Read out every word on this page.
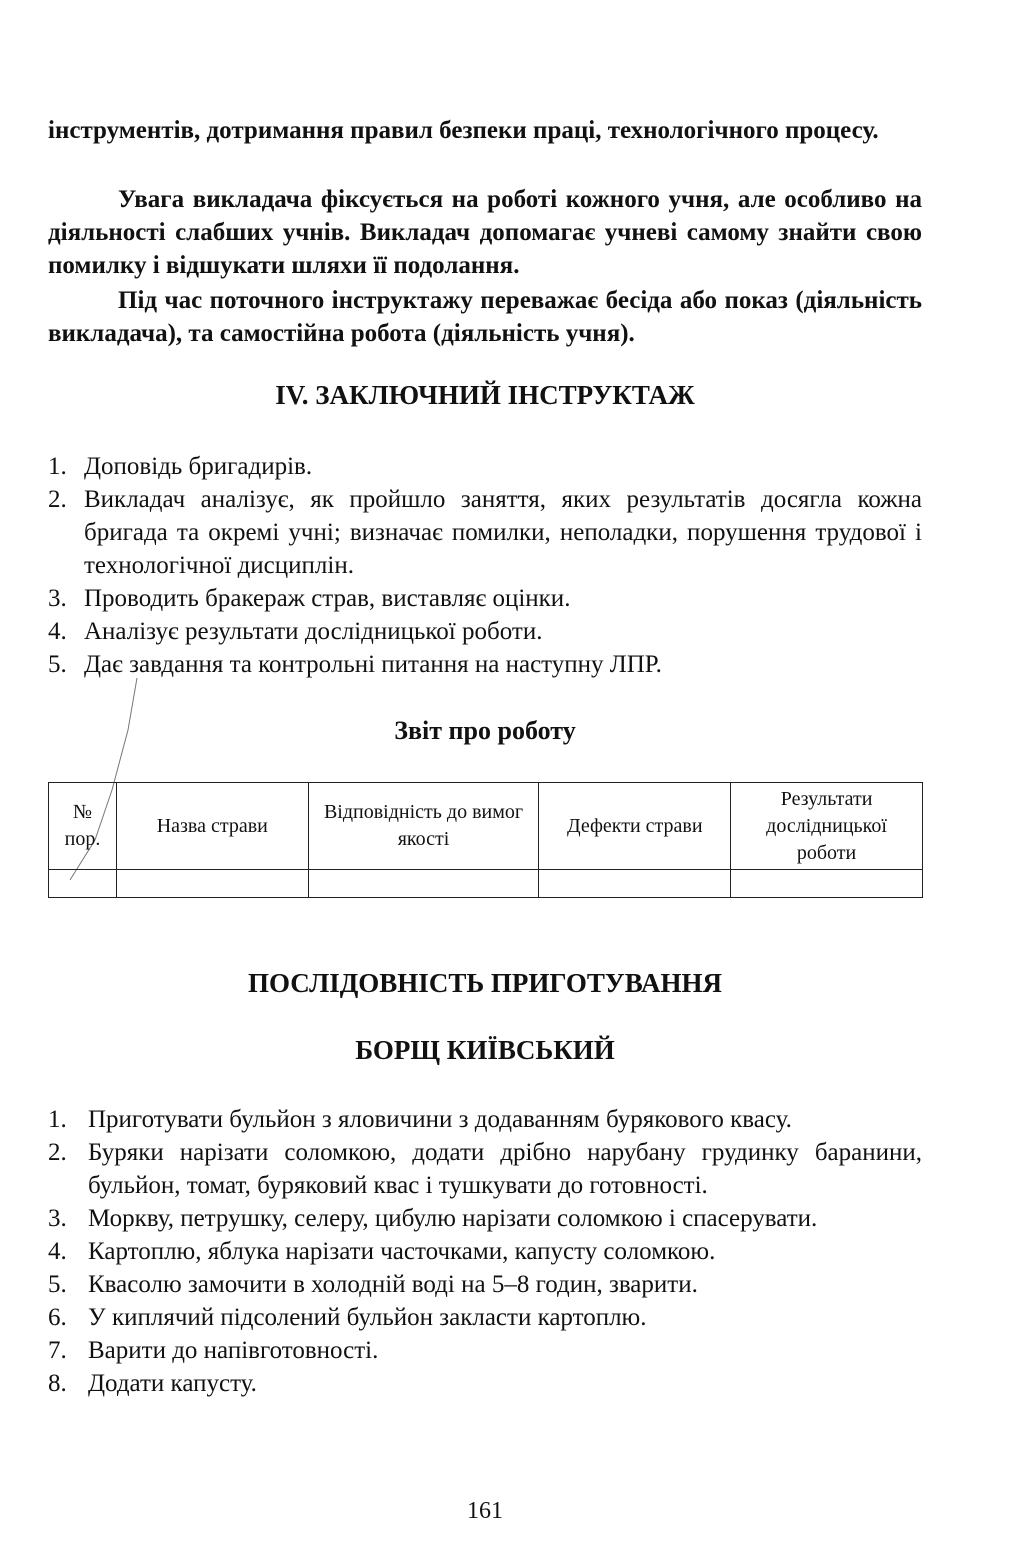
інструментів, дотримання правил безпеки праці, технологічного процесу.

Увага викладача фіксується на роботі кожного учня, але особливо на діяльності слабших учнів. Викладач допомагає учневі самому знайти свою помилку і відшукати шляхи її подолання.

Під час поточного інструктажу переважає бесіда або показ (діяльність викладача), та самостійна робота (діяльність учня).

IV. ЗАКЛЮЧНИЙ ІНСТРУКТАЖ
1. Доповідь бригадирів.
2. Викладач аналізує, як пройшло заняття, яких результатів досягла кожна бригада та окремі учні; визначає помилки, неполадки, порушення трудової і технологічної дисциплін.
3. Проводить бракераж страв, виставляє оцінки.
4. Аналізує результати дослідницької роботи.
5. Дає завдання та контрольні питання на наступну ЛПР.
Звіт про роботу
№ пор.	Назва страви	Відповідність до вимог якості	Дефекти страви	Результати дослідницької роботи

ПОСЛІДОВНІСТЬ ПРИГОТУВАННЯ
БОРЩ КИЇВСЬКИЙ
1. Приготувати бульйон з яловичини з додаванням бурякового квасу.
2. Буряки нарізати соломкою, додати дрібно нарубану грудинку баранини, бульйон, томат, буряковий квас і тушкувати до готовності.
3. Моркву, петрушку, селеру, цибулю нарізати соломкою і спасерувати.
4. Картоплю, яблука нарізати часточками, капусту соломкою.
5. Квасолю замочити в холодній воді на 5–8 годин, зварити.
6. У киплячий підсолений бульйон закласти картоплю.
7. Варити до напівготовності.
8. Додати капусту.
161
